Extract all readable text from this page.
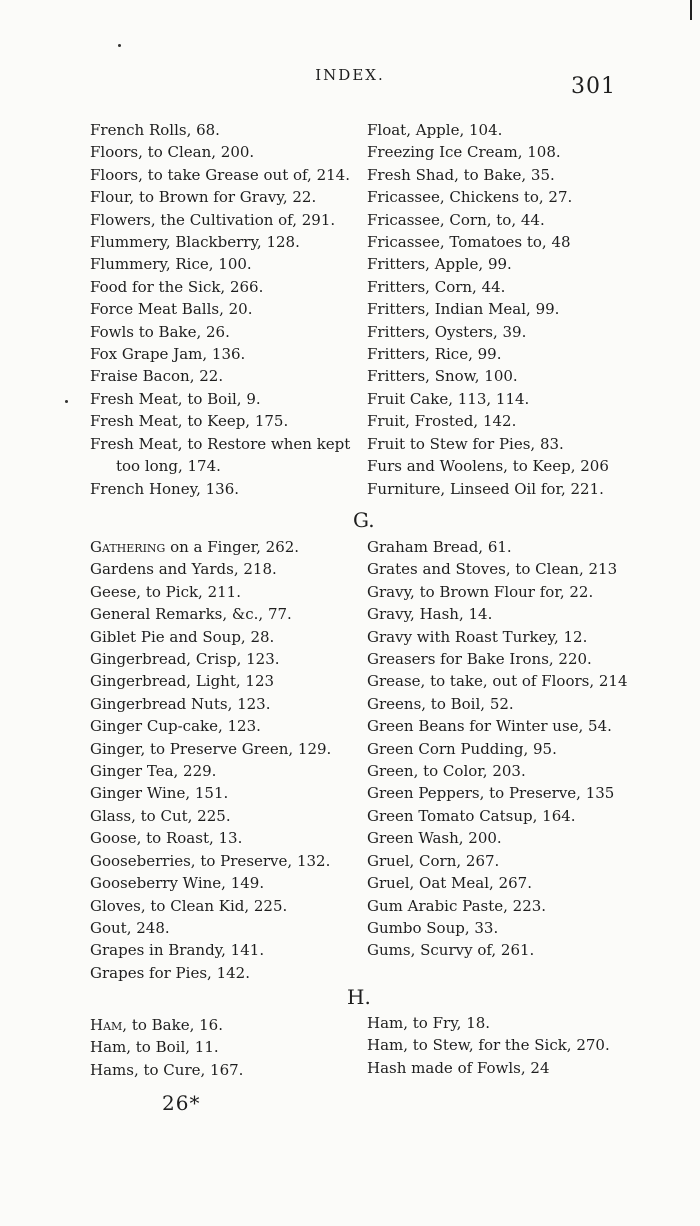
INDEX.	301
French Rolls, 68.
Floors, to Clean, 200.
Floors, to take Grease out of, 214.
Flour, to Brown for Gravy, 22.
Flowers, the Cultivation of, 291.
Flummery, Blackberry, 128.
Flummery, Rice, 100.
Food for the Sick, 266.
Force Meat Balls, 20.
Fowls to Bake, 26.
Fox Grape Jam, 136.
Fraise Bacon, 22.
Fresh Meat, to Boil, 9.
Fresh Meat, to Keep, 175.
Fresh Meat, to Restore when kept
too long, 174.
French Honey, 136.
Float, Apple, 104.
Freezing Ice Cream, 108.
Fresh Shad, to Bake, 35.
Fricassee, Chickens to, 27.
Fricassee, Corn, to, 44.
Fricassee, Tomatoes to, 48
Fritters, Apple, 99.
Fritters, Corn, 44.
Fritters, Indian Meal, 99.
Fritters, Oysters, 39.
Fritters, Rice, 99.
Fritters, Snow, 100.
Fruit Cake, 113, 114.
Fruit, Frosted, 142.
Fruit to Stew for Pies, 83.
Furs and Woolens, to Keep, 206
Furniture, Linseed Oil for, 221.
G.
Gathering on a Finger, 262.
Gardens and Yards, 218.
Geese, to Pick, 211.
General Remarks, &c., 77.
Giblet Pie and Soup, 28.
Gingerbread, Crisp, 123.
Gingerbread, Light, 123
Gingerbread Nuts, 123.
Ginger Cup-cake, 123.
Ginger, to Preserve Green, 129.
Ginger Tea, 229.
Ginger Wine, 151.
Glass, to Cut, 225.
Goose, to Roast, 13.
Gooseberries, to Preserve, 132.
Gooseberry Wine, 149.
Gloves, to Clean Kid, 225.
Gout, 248.
Grapes in Brandy, 141.
Grapes for Pies, 142.
Graham Bread, 61.
Grates and Stoves, to Clean, 213
Gravy, to Brown Flour for, 22.
Gravy, Hash, 14.
Gravy with Roast Turkey, 12.
Greasers for Bake Irons, 220.
Grease, to take, out of Floors, 214
Greens, to Boil, 52.
Green Beans for Winter use, 54.
Green Corn Pudding, 95.
Green, to Color, 203.
Green Peppers, to Preserve, 135
Green Tomato Catsup, 164.
Green Wash, 200.
Gruel, Corn, 267.
Gruel, Oat Meal, 267.
Gum Arabic Paste, 223.
Gumbo Soup, 33.
Gums, Scurvy of, 261.
H.
Ham, to Bake, 16.
Ham, to Boil, 11.
Hams, to Cure, 167.
Ham, to Fry, 18.
Ham, to Stew, for the Sick, 270.
Hash made of Fowls, 24
26*
